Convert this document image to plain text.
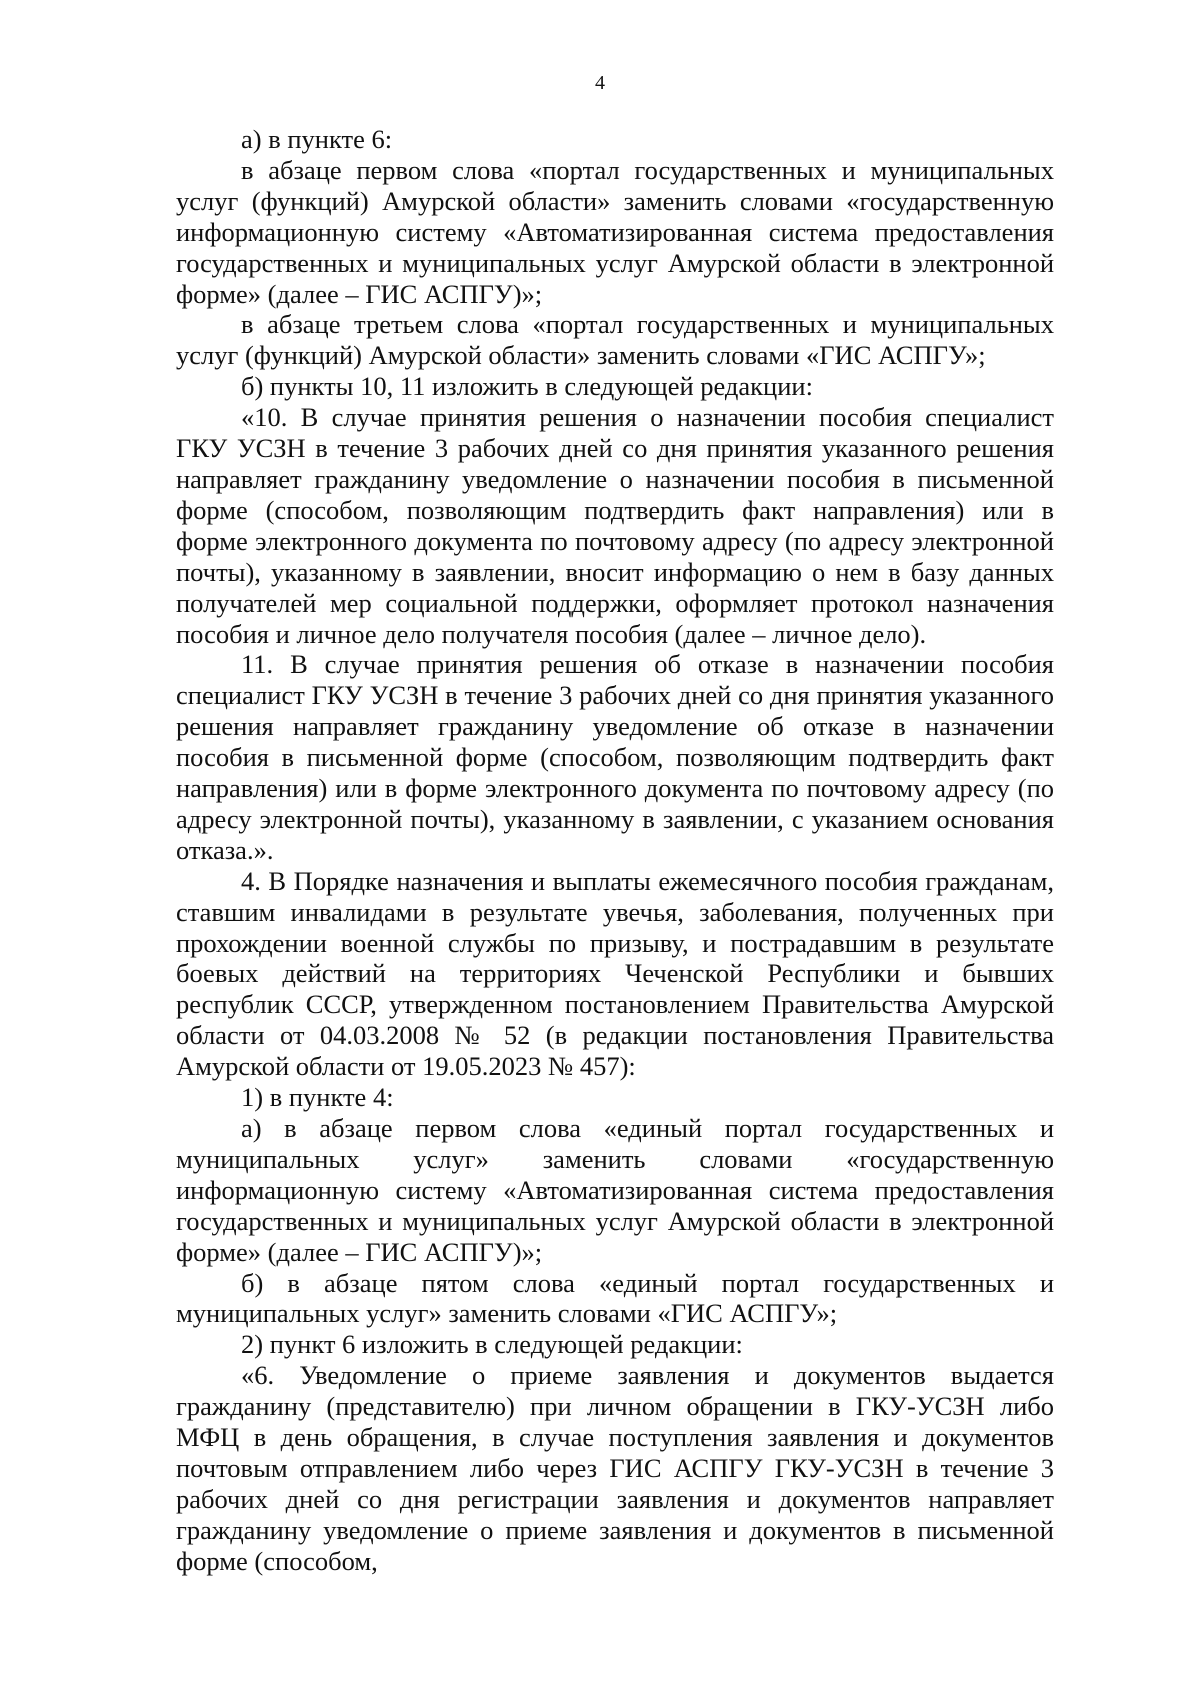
4

а) в пункте 6:

в абзаце первом слова «портал государственных и муниципальных услуг (функций) Амурской области» заменить словами «государственную информационную систему «Автоматизированная система предоставления государственных и муниципальных услуг Амурской области в электронной форме» (далее – ГИС АСПГУ)»;

в абзаце третьем слова «портал государственных и муниципальных услуг (функций) Амурской области» заменить словами «ГИС АСПГУ»;

б) пункты 10, 11 изложить в следующей редакции:

«10. В случае принятия решения о назначении пособия специалист ГКУ УСЗН в течение 3 рабочих дней со дня принятия указанного решения направляет гражданину уведомление о назначении пособия в письменной форме (способом, позволяющим подтвердить факт направления) или в форме электронного документа по почтовому адресу (по адресу электронной почты), указанному в заявлении, вносит информацию о нем в базу данных получателей мер социальной поддержки, оформляет протокол назначения пособия и личное дело получателя пособия (далее – личное дело).

11. В случае принятия решения об отказе в назначении пособия специалист ГКУ УСЗН в течение 3 рабочих дней со дня принятия указанного решения направляет гражданину уведомление об отказе в назначении пособия в письменной форме (способом, позволяющим подтвердить факт направления) или в форме электронного документа по почтовому адресу (по адресу электронной почты), указанному в заявлении, с указанием основания отказа.».

4. В Порядке назначения и выплаты ежемесячного пособия гражданам, ставшим инвалидами в результате увечья, заболевания, полученных при прохождении военной службы по призыву, и пострадавшим в результате боевых действий на территориях Чеченской Республики и бывших республик СССР, утвержденном постановлением Правительства Амурской области от 04.03.2008 № 52 (в редакции постановления Правительства Амурской области от 19.05.2023 № 457):

1) в пункте 4:

а) в абзаце первом слова «единый портал государственных и муниципальных услуг» заменить словами «государственную информационную систему «Автоматизированная система предоставления государственных и муниципальных услуг Амурской области в электронной форме» (далее – ГИС АСПГУ)»;

б) в абзаце пятом слова «единый портал государственных и муниципальных услуг» заменить словами «ГИС АСПГУ»;

2) пункт 6 изложить в следующей редакции:

«6. Уведомление о приеме заявления и документов выдается гражданину (представителю) при личном обращении в ГКУ-УСЗН либо МФЦ в день обращения, в случае поступления заявления и документов почтовым отправлением либо через ГИС АСПГУ ГКУ-УСЗН в течение 3 рабочих дней со дня регистрации заявления и документов направляет гражданину уведомление о приеме заявления и документов в письменной форме (способом,
